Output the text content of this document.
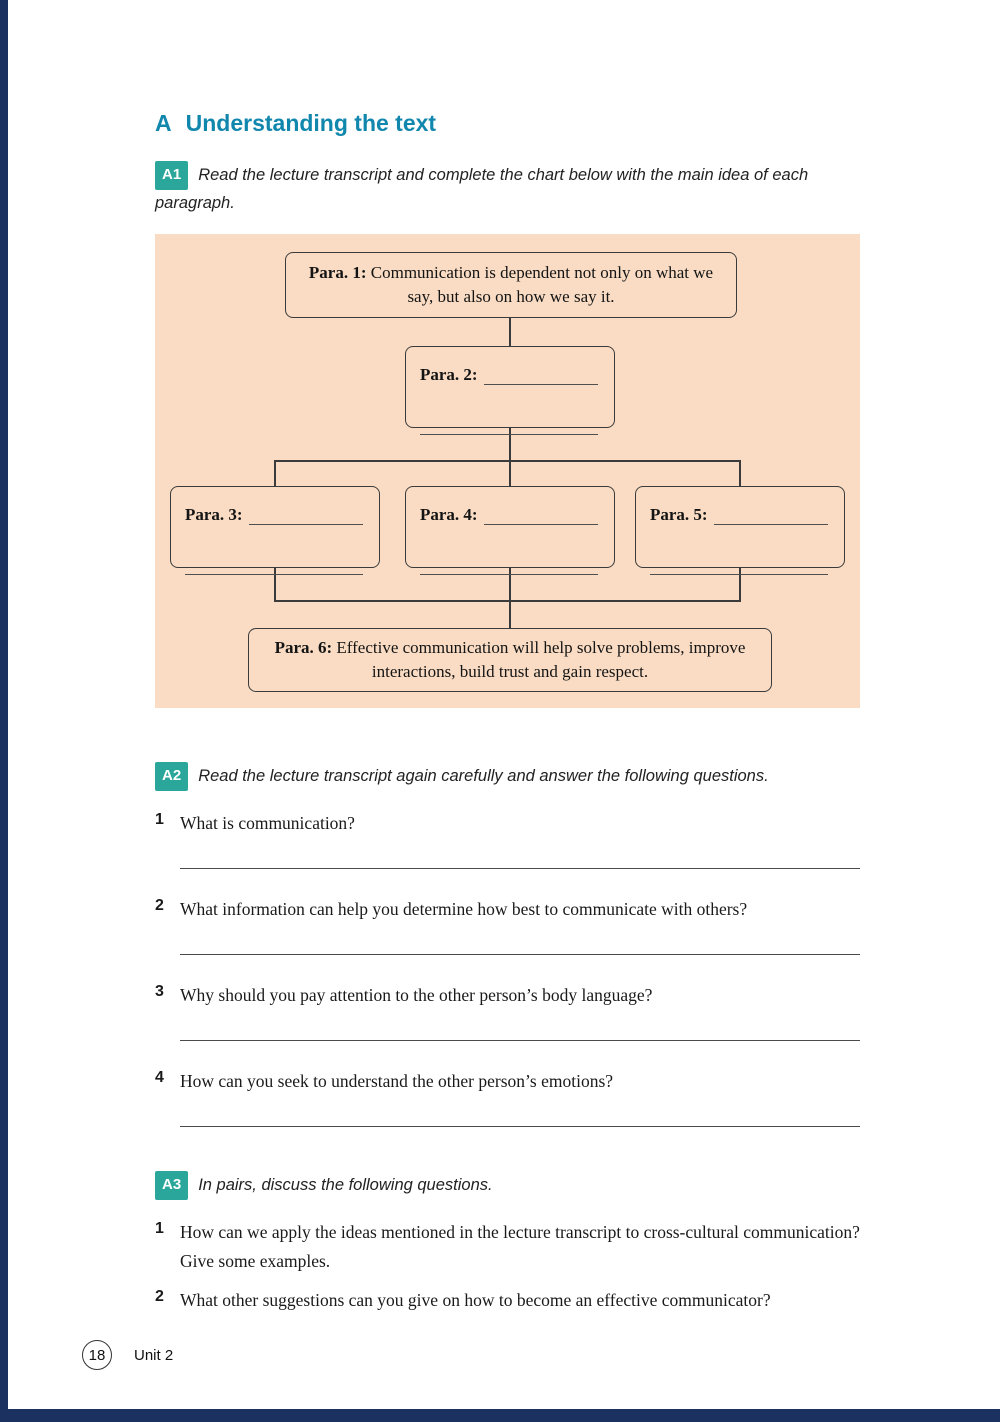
A Understanding the text

A1 Read the lecture transcript and complete the chart below with the main idea of each paragraph.

Para. 1: Communication is dependent not only on what we say, but also on how we say it.

Para. 2:
Para. 3:	Para. 4:	Para. 5:

Para. 6: Effective communication will help solve problems, improve interactions, build trust and gain respect.

A2 Read the lecture transcript again carefully and answer the following questions.

1 What is communication?

2 What information can help you determine how best to communicate with others?

3 Why should you pay attention to the other person’s body language?

4 How can you seek to understand the other person’s emotions?

A3 In pairs, discuss the following questions.

1 How can we apply the ideas mentioned in the lecture transcript to cross-cultural communication? Give some examples.

2 What other suggestions can you give on how to become an effective communicator?

18	Unit 2
